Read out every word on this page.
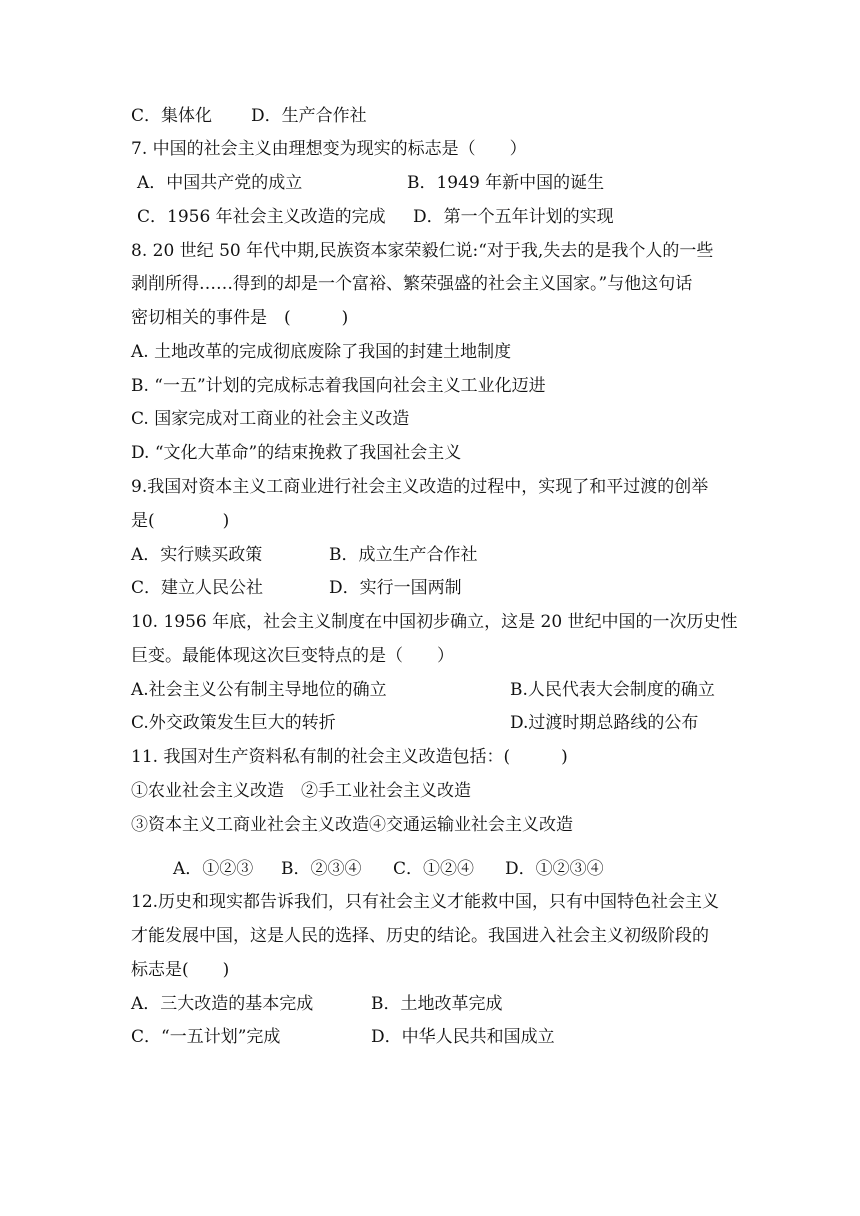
C．集体化 D．生产合作社
7. 中国的社会主义由理想变为现实的标志是（　　）
A．中国共产党的成立	B．1949 年新中国的诞生
C．1956 年社会主义改造的完成 D．第一个五年计划的实现
8. 20 世纪 50 年代中期,民族资本家荣毅仁说:“对于我,失去的是我个人的一些
剥削所得……得到的却是一个富裕、繁荣强盛的社会主义国家。”与他这句话
密切相关的事件是　(　　　)
A. 土地改革的完成彻底废除了我国的封建土地制度
B. “一五”计划的完成标志着我国向社会主义工业化迈进
C. 国家完成对工商业的社会主义改造
D. “文化大革命”的结束挽救了我国社会主义
9.我国对资本主义工商业进行社会主义改造的过程中，实现了和平过渡的创举
是(　　　　)
A．实行赎买政策	B．成立生产合作社
C．建立人民公社	D．实行一国两制
10. 1956 年底，社会主义制度在中国初步确立，这是 20 世纪中国的一次历史性
巨变。最能体现这次巨变特点的是（　　）
A.社会主义公有制主导地位的确立	B.人民代表大会制度的确立
C.外交政策发生巨大的转折	D.过渡时期总路线的公布
11. 我国对生产资料私有制的社会主义改造包括：(　　　)
①农业社会主义改造　②手工业社会主义改造
③资本主义工商业社会主义改造④交通运输业社会主义改造
A．①②③ B．②③④ C．①②④ D．①②③④
12.历史和现实都告诉我们，只有社会主义才能救中国，只有中国特色社会主义
才能发展中国，这是人民的选择、历史的结论。我国进入社会主义初级阶段的
标志是(　　)
A．三大改造的基本完成	B．土地改革完成
C．“一五计划”完成	D．中华人民共和国成立
